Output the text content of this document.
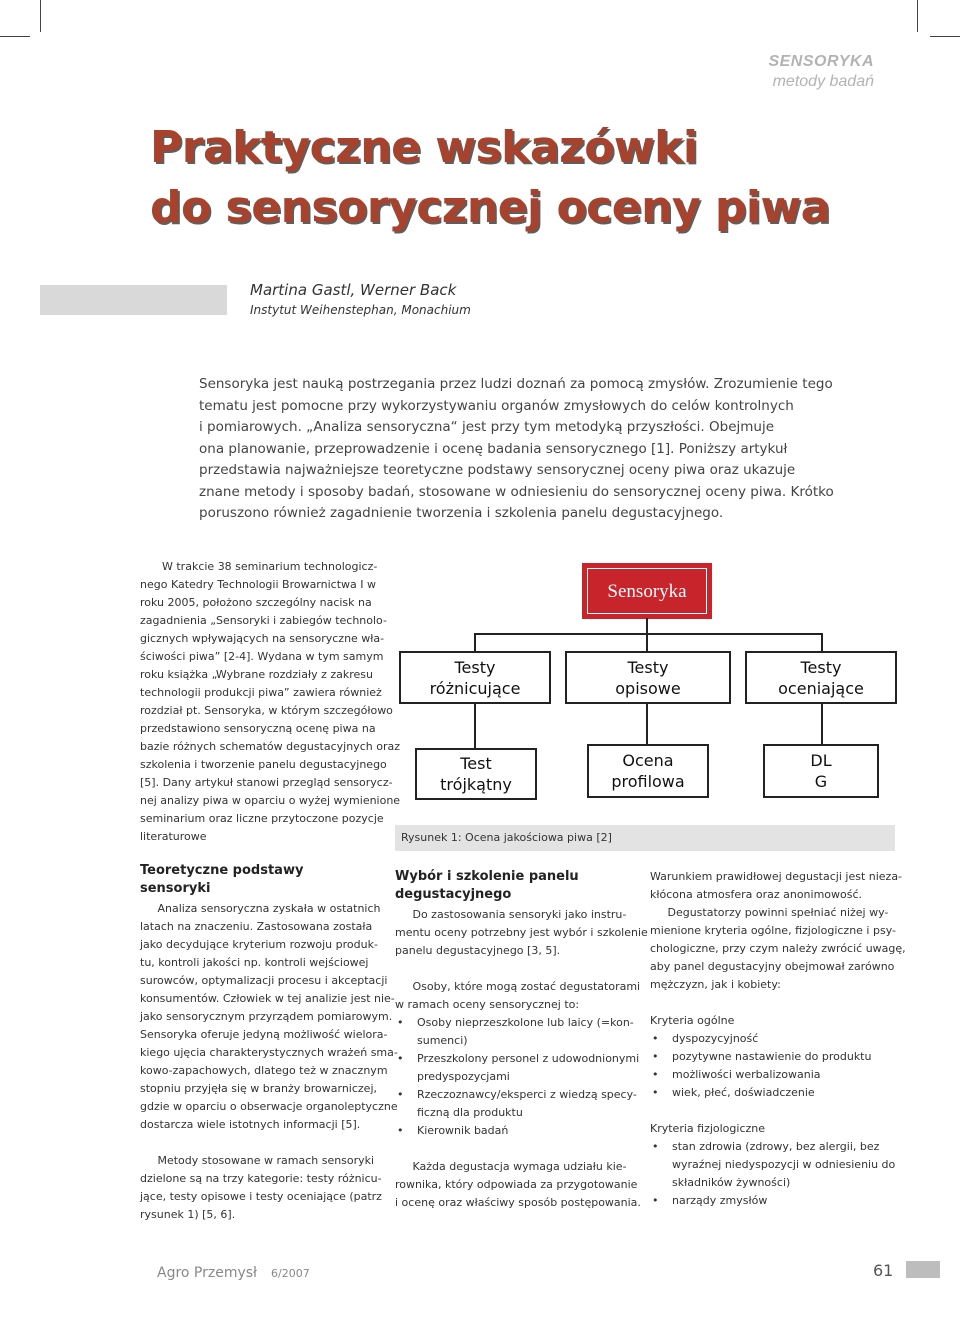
SENSORYKA
metody badań
Praktyczne wskazówki
do sensorycznej oceny piwa
Martina Gastl, Werner Back
Instytut Weihenstephan, Monachium

Sensoryka jest nauką postrzegania przez ludzi doznań za pomocą zmysłów. Zrozumienie tego

tematu jest pomocne przy wykorzystywaniu organów zmysłowych do celów kontrolnych

i pomiarowych. „Analiza sensoryczna“ jest przy tym metodyką przyszłości. Obejmuje

ona planowanie, przeprowadzenie i ocenę badania sensorycznego [1]. Poniższy artykuł

przedstawia najważniejsze teoretyczne podstawy sensorycznej oceny piwa oraz ukazuje

znane metody i sposoby badań, stosowane w odniesieniu do sensorycznej oceny piwa. Krótko

poruszono również zagadnienie tworzenia i szkolenia panelu degustacyjnego.

W trakcie 38 seminarium technologicz-

nego Katedry Technologii Browarnictwa I w

roku 2005, położono szczególny nacisk na

zagadnienia „Sensoryki i zabiegów technolo-

gicznych wpływających na sensoryczne wła-

ściwości piwa” [2-4]. Wydana w tym samym

roku książka „Wybrane rozdziały z zakresu

technologii produkcji piwa” zawiera również

rozdział pt. Sensoryka, w którym szczegółowo

przedstawiono sensoryczną ocenę piwa na

bazie różnych schematów degustacyjnych oraz

szkolenia i tworzenie panelu degustacyjnego

[5]. Dany artykuł stanowi przegląd sensorycz-

nej analizy piwa w oparciu o wyżej wymienione

seminarium oraz liczne przytoczone pozycje

literaturowe

Sensoryka
Testy
różnicujące
Testy
opisowe
Testy
oceniające
Test
trójkątny
Ocena
profilowa
DL
G
Rysunek 1: Ocena jakościowa piwa [2]
Teoretyczne podstawy sensoryki

Analiza sensoryczna zyskała w ostatnich

latach na znaczeniu. Zastosowana została

jako decydujące kryterium rozwoju produk-

tu, kontroli jakości np. kontroli wejściowej

surowców, optymalizacji procesu i akceptacji

konsumentów. Człowiek w tej analizie jest nie-

jako sensorycznym przyrządem pomiarowym.

Sensoryka oferuje jedyną możliwość wielora-

kiego ujęcia charakterystycznych wrażeń sma-

kowo-zapachowych, dlatego też w znacznym

stopniu przyjęła się w branży browarniczej,

gdzie w oparciu o obserwacje organoleptyczne

dostarcza wiele istotnych informacji [5].

Metody stosowane w ramach sensoryki

dzielone są na trzy kategorie: testy różnicu-

jące, testy opisowe i testy oceniające (patrz

rysunek 1) [5, 6].

Wybór i szkolenie panelu
degustacyjnego

Do zastosowania sensoryki jako instru-

mentu oceny potrzebny jest wybór i szkolenie

panelu degustacyjnego [3, 5].

Osoby, które mogą zostać degustatorami

w ramach oceny sensorycznej to:

• Osoby nieprzeszkolone lub laicy (=kon-

sumenci)

• Przeszkolony personel z udowodnionymi

predyspozycjami

• Rzeczoznawcy/eksperci z wiedzą specy-

ficzną dla produktu

• Kierownik badań

Każda degustacja wymaga udziału kie-

rownika, który odpowiada za przygotowanie

i ocenę oraz właściwy sposób postępowania.

Warunkiem prawidłowej degustacji jest nieza-

kłócona atmosfera oraz anonimowość.

Degustatorzy powinni spełniać niżej wy-

mienione kryteria ogólne, fizjologiczne i psy-

chologiczne, przy czym należy zwrócić uwagę,

aby panel degustacyjny obejmował zarówno

mężczyzn, jak i kobiety:

Kryteria ogólne

• dyspozycyjność

• pozytywne nastawienie do produktu

• możliwości werbalizowania

• wiek, płeć, doświadczenie

Kryteria fizjologiczne

• stan zdrowia (zdrowy, bez alergii, bez

wyraźnej niedyspozycji w odniesieniu do

składników żywności)

• narządy zmysłów

Agro Przemysł 6/2007	61
